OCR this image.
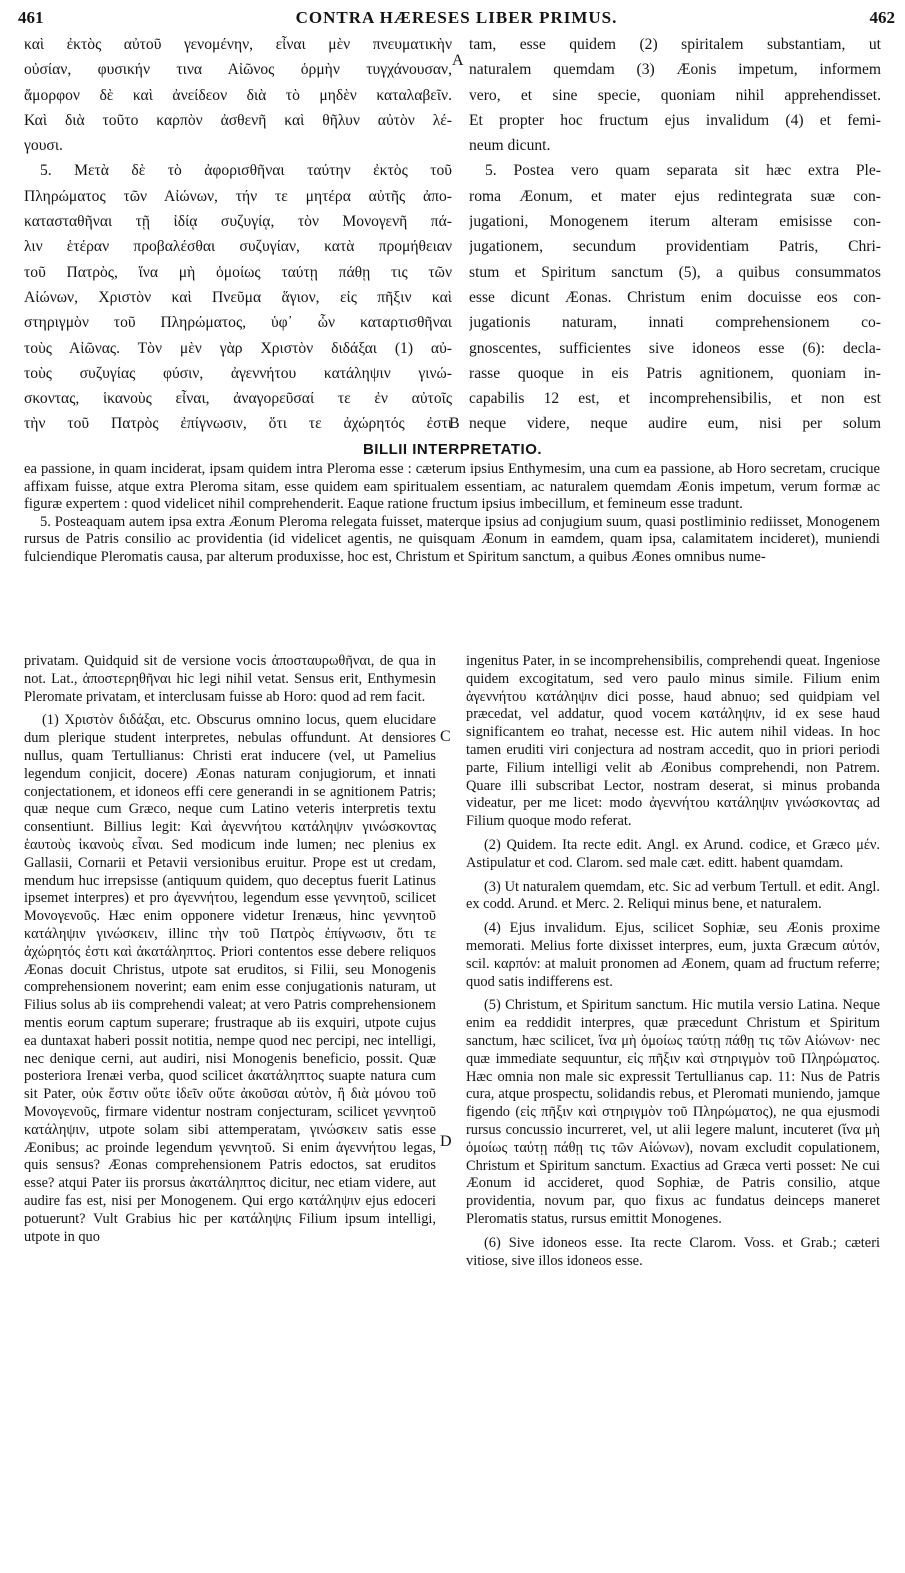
461	CONTRA HÆRESES LIBER PRIMUS.	462
καὶ ἐκτὸς αὐτοῦ γενομένην, εἶναι μὲν πνευματικὴν
οὐσίαν, φυσικήν τινα Αἰῶνος ὁρμὴν τυγχάνουσαν,
ἄμορφον δὲ καὶ ἀνείδεον διὰ τὸ μηδὲν καταλαβεῖν.
Καὶ διὰ τοῦτο καρπὸν ἀσθενῆ καὶ θῆλυν αὐτὸν λέ-
γουσι.
5. Μετὰ δὲ τὸ ἀφορισθῆναι ταύτην ἐκτὸς τοῦ
Πληρώματος τῶν Αἰώνων, τήν τε μητέρα αὐτῆς ἀπο-
κατασταθῆναι τῇ ἰδίᾳ συζυγίᾳ, τὸν Μονογενῆ πά-
λιν ἑτέραν προβαλέσθαι συζυγίαν, κατὰ προμήθειαν
τοῦ Πατρὸς, ἵνα μὴ ὁμοίως ταύτῃ πάθῃ τις τῶν
Αἰώνων, Χριστὸν καὶ Πνεῦμα ἅγιον, εἰς πῆξιν καὶ
στηριγμὸν τοῦ Πληρώματος, ὑφ᾽ ὧν καταρτισθῆναι
τοὺς Αἰῶνας. Τὸν μὲν γὰρ Χριστὸν διδάξαι (1) αὐ-
τοὺς συζυγίας φύσιν, ἀγεννήτου κατάληψιν γινώ-
σκοντας, ἱκανοὺς εἶναι, ἀναγορεῦσαί τε ἐν αὐτοῖς
τὴν τοῦ Πατρὸς ἐπίγνωσιν, ὅτι τε ἀχώρητός ἐστι
A
B
tam, esse quidem (2) spiritalem substantiam, ut
naturalem quemdam (3) Æonis impetum, informem
vero, et sine specie, quoniam nihil apprehendisset.
Et propter hoc fructum ejus invalidum (4) et femi-
neum dicunt.
5. Postea vero quam separata sit hæc extra Ple-
roma Æonum, et mater ejus redintegrata suæ con-
jugationi, Monogenem iterum alteram emisisse con-
jugationem, secundum providentiam Patris, Chri-
stum et Spiritum sanctum (5), a quibus consummatos
esse dicunt Æonas. Christum enim docuisse eos con-
jugationis naturam, innati comprehensionem co-
gnoscentes, sufficientes sive idoneos esse (6): decla-
rasse quoque in eis Patris agnitionem, quoniam in-
capabilis 12 est, et incomprehensibilis, et non est
neque videre, neque audire eum, nisi per solum
BILLII INTERPRETATIO.

ea passione, in quam inciderat, ipsam quidem intra Pleroma esse : cæterum ipsius Enthymesim, una cum ea passione, ab Horo secretam, crucique affixam fuisse, atque extra Pleroma sitam, esse quidem eam spiritualem essentiam, ac naturalem quemdam Æonis impetum, verum formæ ac figuræ expertem : quod videlicet nihil comprehenderit. Eaque ratione fructum ipsius imbecillum, et femineum esse tradunt.

5. Posteaquam autem ipsa extra Æonum Pleroma relegata fuisset, materque ipsius ad conjugium suum, quasi postliminio rediisset, Monogenem rursus de Patris consilio ac providentia (id videlicet agentis, ne quisquam Æonum in eamdem, quam ipsa, calamitatem incideret), muniendi fulciendique Pleromatis causa, par alterum produxisse, hoc est, Christum et Spiritum sanctum, a quibus Æones omnibus nume-

privatam. Quidquid sit de versione vocis ἀποσταυρωθῆναι, de qua in not. Lat., ἀποστερηθῆναι hic legi nihil vetat. Sensus erit, Enthymesin Pleromate privatam, et interclusam fuisse ab Horo: quod ad rem facit.

(1) Χριστὸν διδάξαι, etc. Obscurus omnino locus, quem elucidare dum plerique student interpretes, nebulas offundunt. At densiores nullus, quam Tertullianus: Christi erat inducere (vel, ut Pamelius legendum conjicit, docere) Æonas naturam conjugiorum, et innati conjectationem, et idoneos effi cere generandi in se agnitionem Patris; quæ neque cum Græco, neque cum Latino veteris interpretis textu consentiunt. Billius legit: Καὶ ἀγεννήτου κατάληψιν γινώσκοντας ἑαυτοὺς ἱκανοὺς εἶναι. Sed modicum inde lumen; nec plenius ex Gallasii, Cornarii et Petavii versionibus eruitur. Prope est ut credam, mendum huc irrepsisse (antiquum quidem, quo deceptus fuerit Latinus ipsemet interpres) et pro ἀγεννήτου, legendum esse γεννητοῦ, scilicet Μονογενοῦς. Hæc enim opponere videtur Irenæus, hinc γεννητοῦ κατάληψιν γινώσκειν, illinc τὴν τοῦ Πατρὸς ἐπίγνωσιν, ὅτι τε ἀχώρητός ἐστι καὶ ἀκατάληπτος. Priori contentos esse debere reliquos Æonas docuit Christus, utpote sat eruditos, si Filii, seu Monogenis comprehensionem noverint; eam enim esse conjugationis naturam, ut Filius solus ab iis comprehendi valeat; at vero Patris comprehensionem mentis eorum captum superare; frustraque ab iis exquiri, utpote cujus ea duntaxat haberi possit notitia, nempe quod nec percipi, nec intelligi, nec denique cerni, aut audiri, nisi Monogenis beneficio, possit. Quæ posteriora Irenæi verba, quod scilicet ἀκατάληπτος suapte natura cum sit Pater, οὐκ ἔστιν οὔτε ἰδεῖν οὔτε ἀκοῦσαι αὐτὸν, ἢ διὰ μόνου τοῦ Μονογενοῦς, firmare videntur nostram conjecturam, scilicet γεννητοῦ κατάληψιν, utpote solam sibi attemperatam, γινώσκειν satis esse Æonibus; ac proinde legendum γεννητοῦ. Si enim ἀγεννήτου legas, quis sensus? Æonas comprehensionem Patris edoctos, sat eruditos esse? atqui Pater iis prorsus ἀκατάληπτος dicitur, nec etiam videre, aut audire fas est, nisi per Monogenem. Qui ergo κατάληψιν ejus edoceri potuerunt? Vult Grabius hic per κατάληψις Filium ipsum intelligi, utpote in quo

C
D

ingenitus Pater, in se incomprehensibilis, comprehendi queat. Ingeniose quidem excogitatum, sed vero paulo minus simile. Filium enim ἀγεννήτου κατάληψιν dici posse, haud abnuo; sed quidpiam vel præcedat, vel addatur, quod vocem κατάληψιν, id ex sese haud significantem eo trahat, necesse est. Hic autem nihil videas. In hoc tamen eruditi viri conjectura ad nostram accedit, quo in priori periodi parte, Filium intelligi velit ab Æonibus comprehendi, non Patrem. Quare illi subscribat Lector, nostram deserat, si minus probanda videatur, per me licet: modo ἀγεννήτου κατάληψιν γινώσκοντας ad Filium quoque modo referat.

(2) Quidem. Ita recte edit. Angl. ex Arund. codice, et Græco μέν. Astipulatur et cod. Clarom. sed male cæt. editt. habent quamdam.

(3) Ut naturalem quemdam, etc. Sic ad verbum Tertull. et edit. Angl. ex codd. Arund. et Merc. 2. Reliqui minus bene, et naturalem.

(4) Ejus invalidum. Ejus, scilicet Sophiæ, seu Æonis proxime memorati. Melius forte dixisset interpres, eum, juxta Græcum αὐτόν, scil. καρπόν: at maluit pronomen ad Æonem, quam ad fructum referre; quod satis indifferens est.

(5) Christum, et Spiritum sanctum. Hic mutila versio Latina. Neque enim ea reddidit interpres, quæ præcedunt Christum et Spiritum sanctum, hæc scilicet, ἵνα μὴ ὁμοίως ταύτῃ πάθῃ τις τῶν Αἰώνων· nec quæ immediate sequuntur, εἰς πῆξιν καὶ στηριγμὸν τοῦ Πληρώματος. Hæc omnia non male sic expressit Tertullianus cap. 11: Nus de Patris cura, atque prospectu, solidandis rebus, et Pleromati muniendo, jamque figendo (εἰς πῆξιν καὶ στηριγμὸν τοῦ Πληρώματος), ne qua ejusmodi rursus concussio incurreret, vel, ut alii legere malunt, incuteret (ἵνα μὴ ὁμοίως ταύτῃ πάθῃ τις τῶν Αἰώνων), novam excludit copulationem, Christum et Spiritum sanctum. Exactius ad Græca verti posset: Ne cui Æonum id accideret, quod Sophiæ, de Patris consilio, atque providentia, novum par, quo fixus ac fundatus deinceps maneret Pleromatis status, rursus emittit Monogenes.

(6) Sive idoneos esse. Ita recte Clarom. Voss. et Grab.; cæteri vitiose, sive illos idoneos esse.
